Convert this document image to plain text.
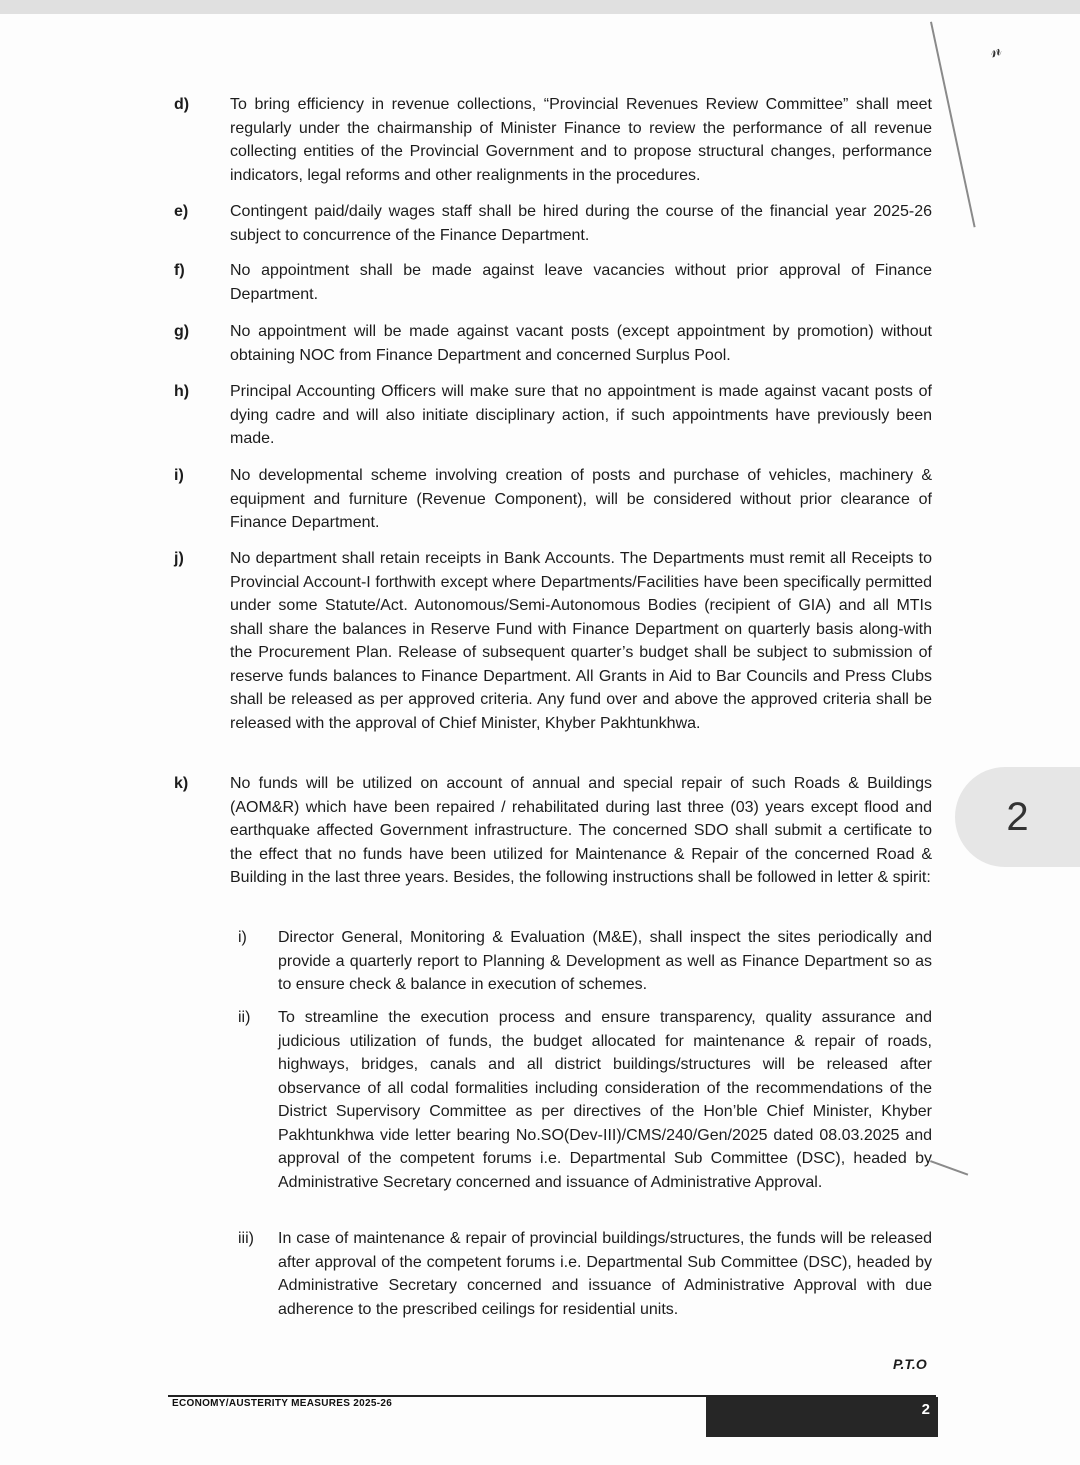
𝓃
d)	To bring efficiency in revenue collections, “Provincial Revenues Review Committee” shall meet regularly under the chairmanship of Minister Finance to review the performance of all revenue collecting entities of the Provincial Government and to propose structural changes, performance indicators, legal reforms and other realignments in the procedures.
e)	Contingent paid/daily wages staff shall be hired during the course of the financial year 2025-26 subject to concurrence of the Finance Department.
f)	No appointment shall be made against leave vacancies without prior approval of Finance Department.
g)	No appointment will be made against vacant posts (except appointment by promotion) without obtaining NOC from Finance Department and concerned Surplus Pool.
h)	Principal Accounting Officers will make sure that no appointment is made against vacant posts of dying cadre and will also initiate disciplinary action, if such appointments have previously been made.
i)	No developmental scheme involving creation of posts and purchase of vehicles, machinery & equipment and furniture (Revenue Component), will be considered without prior clearance of Finance Department.
j)	No department shall retain receipts in Bank Accounts. The Departments must remit all Receipts to Provincial Account-I forthwith except where Departments/Facilities have been specifically permitted under some Statute/Act. Autonomous/Semi-Autonomous Bodies (recipient of GIA) and all MTIs shall share the balances in Reserve Fund with Finance Department on quarterly basis along-with the Procurement Plan. Release of subsequent quarter’s budget shall be subject to submission of reserve funds balances to Finance Department. All Grants in Aid to Bar Councils and Press Clubs shall be released as per approved criteria. Any fund over and above the approved criteria shall be released with the approval of Chief Minister, Khyber Pakhtunkhwa.
k)	No funds will be utilized on account of annual and special repair of such Roads & Buildings (AOM&R) which have been repaired / rehabilitated during last three (03) years except flood and earthquake affected Government infrastructure. The concerned SDO shall submit a certificate to the effect that no funds have been utilized for Maintenance & Repair of the concerned Road & Building in the last three years. Besides, the following instructions shall be followed in letter & spirit:
i) Director General, Monitoring & Evaluation (M&E), shall inspect the sites periodically and provide a quarterly report to Planning & Development as well as Finance Department so as to ensure check & balance in execution of schemes.
ii) To streamline the execution process and ensure transparency, quality assurance and judicious utilization of funds, the budget allocated for maintenance & repair of roads, highways, bridges, canals and all district buildings/structures will be released after observance of all codal formalities including consideration of the recommendations of the District Supervisory Committee as per directives of the Hon’ble Chief Minister, Khyber Pakhtunkhwa vide letter bearing No.SO(Dev-III)/CMS/240/Gen/2025 dated 08.03.2025 and approval of the competent forums i.e. Departmental Sub Committee (DSC), headed by Administrative Secretary concerned and issuance of Administrative Approval.
iii) In case of maintenance & repair of provincial buildings/structures, the funds will be released after approval of the competent forums i.e. Departmental Sub Committee (DSC), headed by Administrative Secretary concerned and issuance of Administrative Approval with due adherence to the prescribed ceilings for residential units.
2
P.T.O
ECONOMY/AUSTERITY MEASURES 2025-26	2
